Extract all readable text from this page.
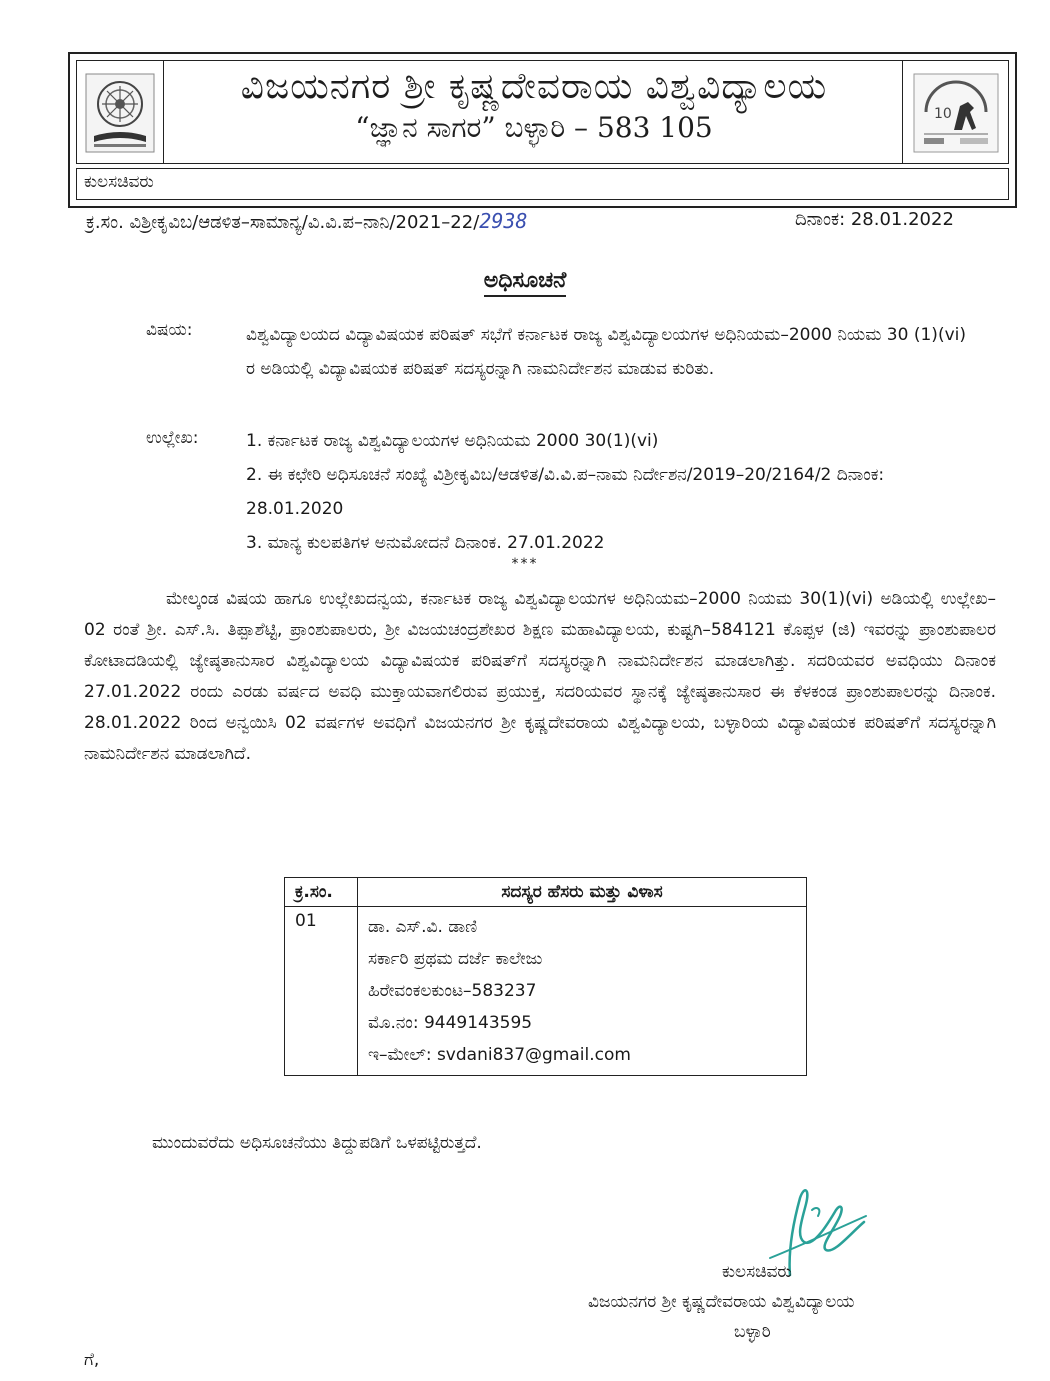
10
ವಿಜಯನಗರ ಶ್ರೀ ಕೃಷ್ಣದೇವರಾಯ ವಿಶ್ವವಿದ್ಯಾಲಯ
“ಜ್ಞಾನ ಸಾಗರ” ಬಳ್ಳಾರಿ – 583 105
ಕುಲಸಚಿವರು
ಕ್ರ.ಸಂ. ವಿಶ್ರೀಕೃವಿಬ/ಆಡಳಿತ–ಸಾಮಾನ್ಯ/ವಿ.ವಿ.ಪ–ನಾನಿ/2021–22/2938	ದಿನಾಂಕ: 28.01.2022
ಅಧಿಸೂಚನೆ
ವಿಷಯ:	ವಿಶ್ವವಿದ್ಯಾಲಯದ ವಿದ್ಯಾವಿಷಯಕ ಪರಿಷತ್ ಸಭೆಗೆ ಕರ್ನಾಟಕ ರಾಜ್ಯ ವಿಶ್ವವಿದ್ಯಾಲಯಗಳ ಅಧಿನಿಯಮ–2000 ನಿಯಮ 30 (1)(vi) ರ ಅಡಿಯಲ್ಲಿ ವಿದ್ಯಾವಿಷಯಕ ಪರಿಷತ್ ಸದಸ್ಯರನ್ನಾಗಿ ನಾಮನಿರ್ದೇಶನ ಮಾಡುವ ಕುರಿತು.
ಉಲ್ಲೇಖ:	1. ಕರ್ನಾಟಕ ರಾಜ್ಯ ವಿಶ್ವವಿದ್ಯಾಲಯಗಳ ಅಧಿನಿಯಮ 2000 30(1)(vi)
2. ಈ ಕಛೇರಿ ಅಧಿಸೂಚನೆ ಸಂಖ್ಯೆ ವಿಶ್ರೀಕೃವಿಬ/ಆಡಳಿತ/ವಿ.ವಿ.ಪ–ನಾಮ ನಿರ್ದೇಶನ/2019–20/2164/2 ದಿನಾಂಕ: 28.01.2020
3. ಮಾನ್ಯ ಕುಲಪತಿಗಳ ಅನುಮೋದನೆ ದಿನಾಂಕ. 27.01.2022
***
ಮೇಲ್ಕಂಡ ವಿಷಯ ಹಾಗೂ ಉಲ್ಲೇಖದನ್ವಯ, ಕರ್ನಾಟಕ ರಾಜ್ಯ ವಿಶ್ವವಿದ್ಯಾಲಯಗಳ ಅಧಿನಿಯಮ–2000 ನಿಯಮ 30(1)(vi) ಅಡಿಯಲ್ಲಿ ಉಲ್ಲೇಖ–02 ರಂತೆ ಶ್ರೀ. ಎಸ್.ಸಿ. ತಿಪ್ಪಾಶೆಟ್ಟಿ, ಪ್ರಾಂಶುಪಾಲರು, ಶ್ರೀ ವಿಜಯಚಂದ್ರಶೇಖರ ಶಿಕ್ಷಣ ಮಹಾವಿದ್ಯಾಲಯ, ಕುಷ್ಟಗಿ–584121 ಕೊಪ್ಪಳ (ಜಿ) ಇವರನ್ನು ಪ್ರಾಂಶುಪಾಲರ ಕೋಟಾದಡಿಯಲ್ಲಿ ಜ್ಯೇಷ್ಠತಾನುಸಾರ ವಿಶ್ವವಿದ್ಯಾಲಯ ವಿದ್ಯಾವಿಷಯಕ ಪರಿಷತ್‌ಗೆ ಸದಸ್ಯರನ್ನಾಗಿ ನಾಮನಿರ್ದೇಶನ ಮಾಡಲಾಗಿತ್ತು. ಸದರಿಯವರ ಅವಧಿಯು ದಿನಾಂಕ 27.01.2022 ರಂದು ಎರಡು ವರ್ಷದ ಅವಧಿ ಮುಕ್ತಾಯವಾಗಲಿರುವ ಪ್ರಯುಕ್ತ, ಸದರಿಯವರ ಸ್ಥಾನಕ್ಕೆ ಜ್ಯೇಷ್ಠತಾನುಸಾರ ಈ ಕೆಳಕಂಡ ಪ್ರಾಂಶುಪಾಲರನ್ನು ದಿನಾಂಕ. 28.01.2022 ರಿಂದ ಅನ್ವಯಿಸಿ 02 ವರ್ಷಗಳ ಅವಧಿಗೆ ವಿಜಯನಗರ ಶ್ರೀ ಕೃಷ್ಣದೇವರಾಯ ವಿಶ್ವವಿದ್ಯಾಲಯ, ಬಳ್ಳಾರಿಯ ವಿದ್ಯಾವಿಷಯಕ ಪರಿಷತ್‌ಗೆ ಸದಸ್ಯರನ್ನಾಗಿ ನಾಮನಿರ್ದೇಶನ ಮಾಡಲಾಗಿದೆ.
ಕ್ರ.ಸಂ.	ಸದಸ್ಯರ ಹೆಸರು ಮತ್ತು ವಿಳಾಸ
01	ಡಾ. ಎಸ್.ವಿ. ಡಾಣಿ
ಸರ್ಕಾರಿ ಪ್ರಥಮ ದರ್ಜೆ ಕಾಲೇಜು
ಹಿರೇವಂಕಲಕುಂಟ–583237
ಮೊ.ನಂ: 9449143595
ಇ–ಮೇಲ್: svdani837@gmail.com
ಮುಂದುವರೆದು ಅಧಿಸೂಚನೆಯು ತಿದ್ದುಪಡಿಗೆ ಒಳಪಟ್ಟಿರುತ್ತದೆ.
ಕುಲಸಚಿವರು
ವಿಜಯನಗರ ಶ್ರೀ ಕೃಷ್ಣದೇವರಾಯ ವಿಶ್ವವಿದ್ಯಾಲಯ
ಬಳ್ಳಾರಿ
ಗೆ,
